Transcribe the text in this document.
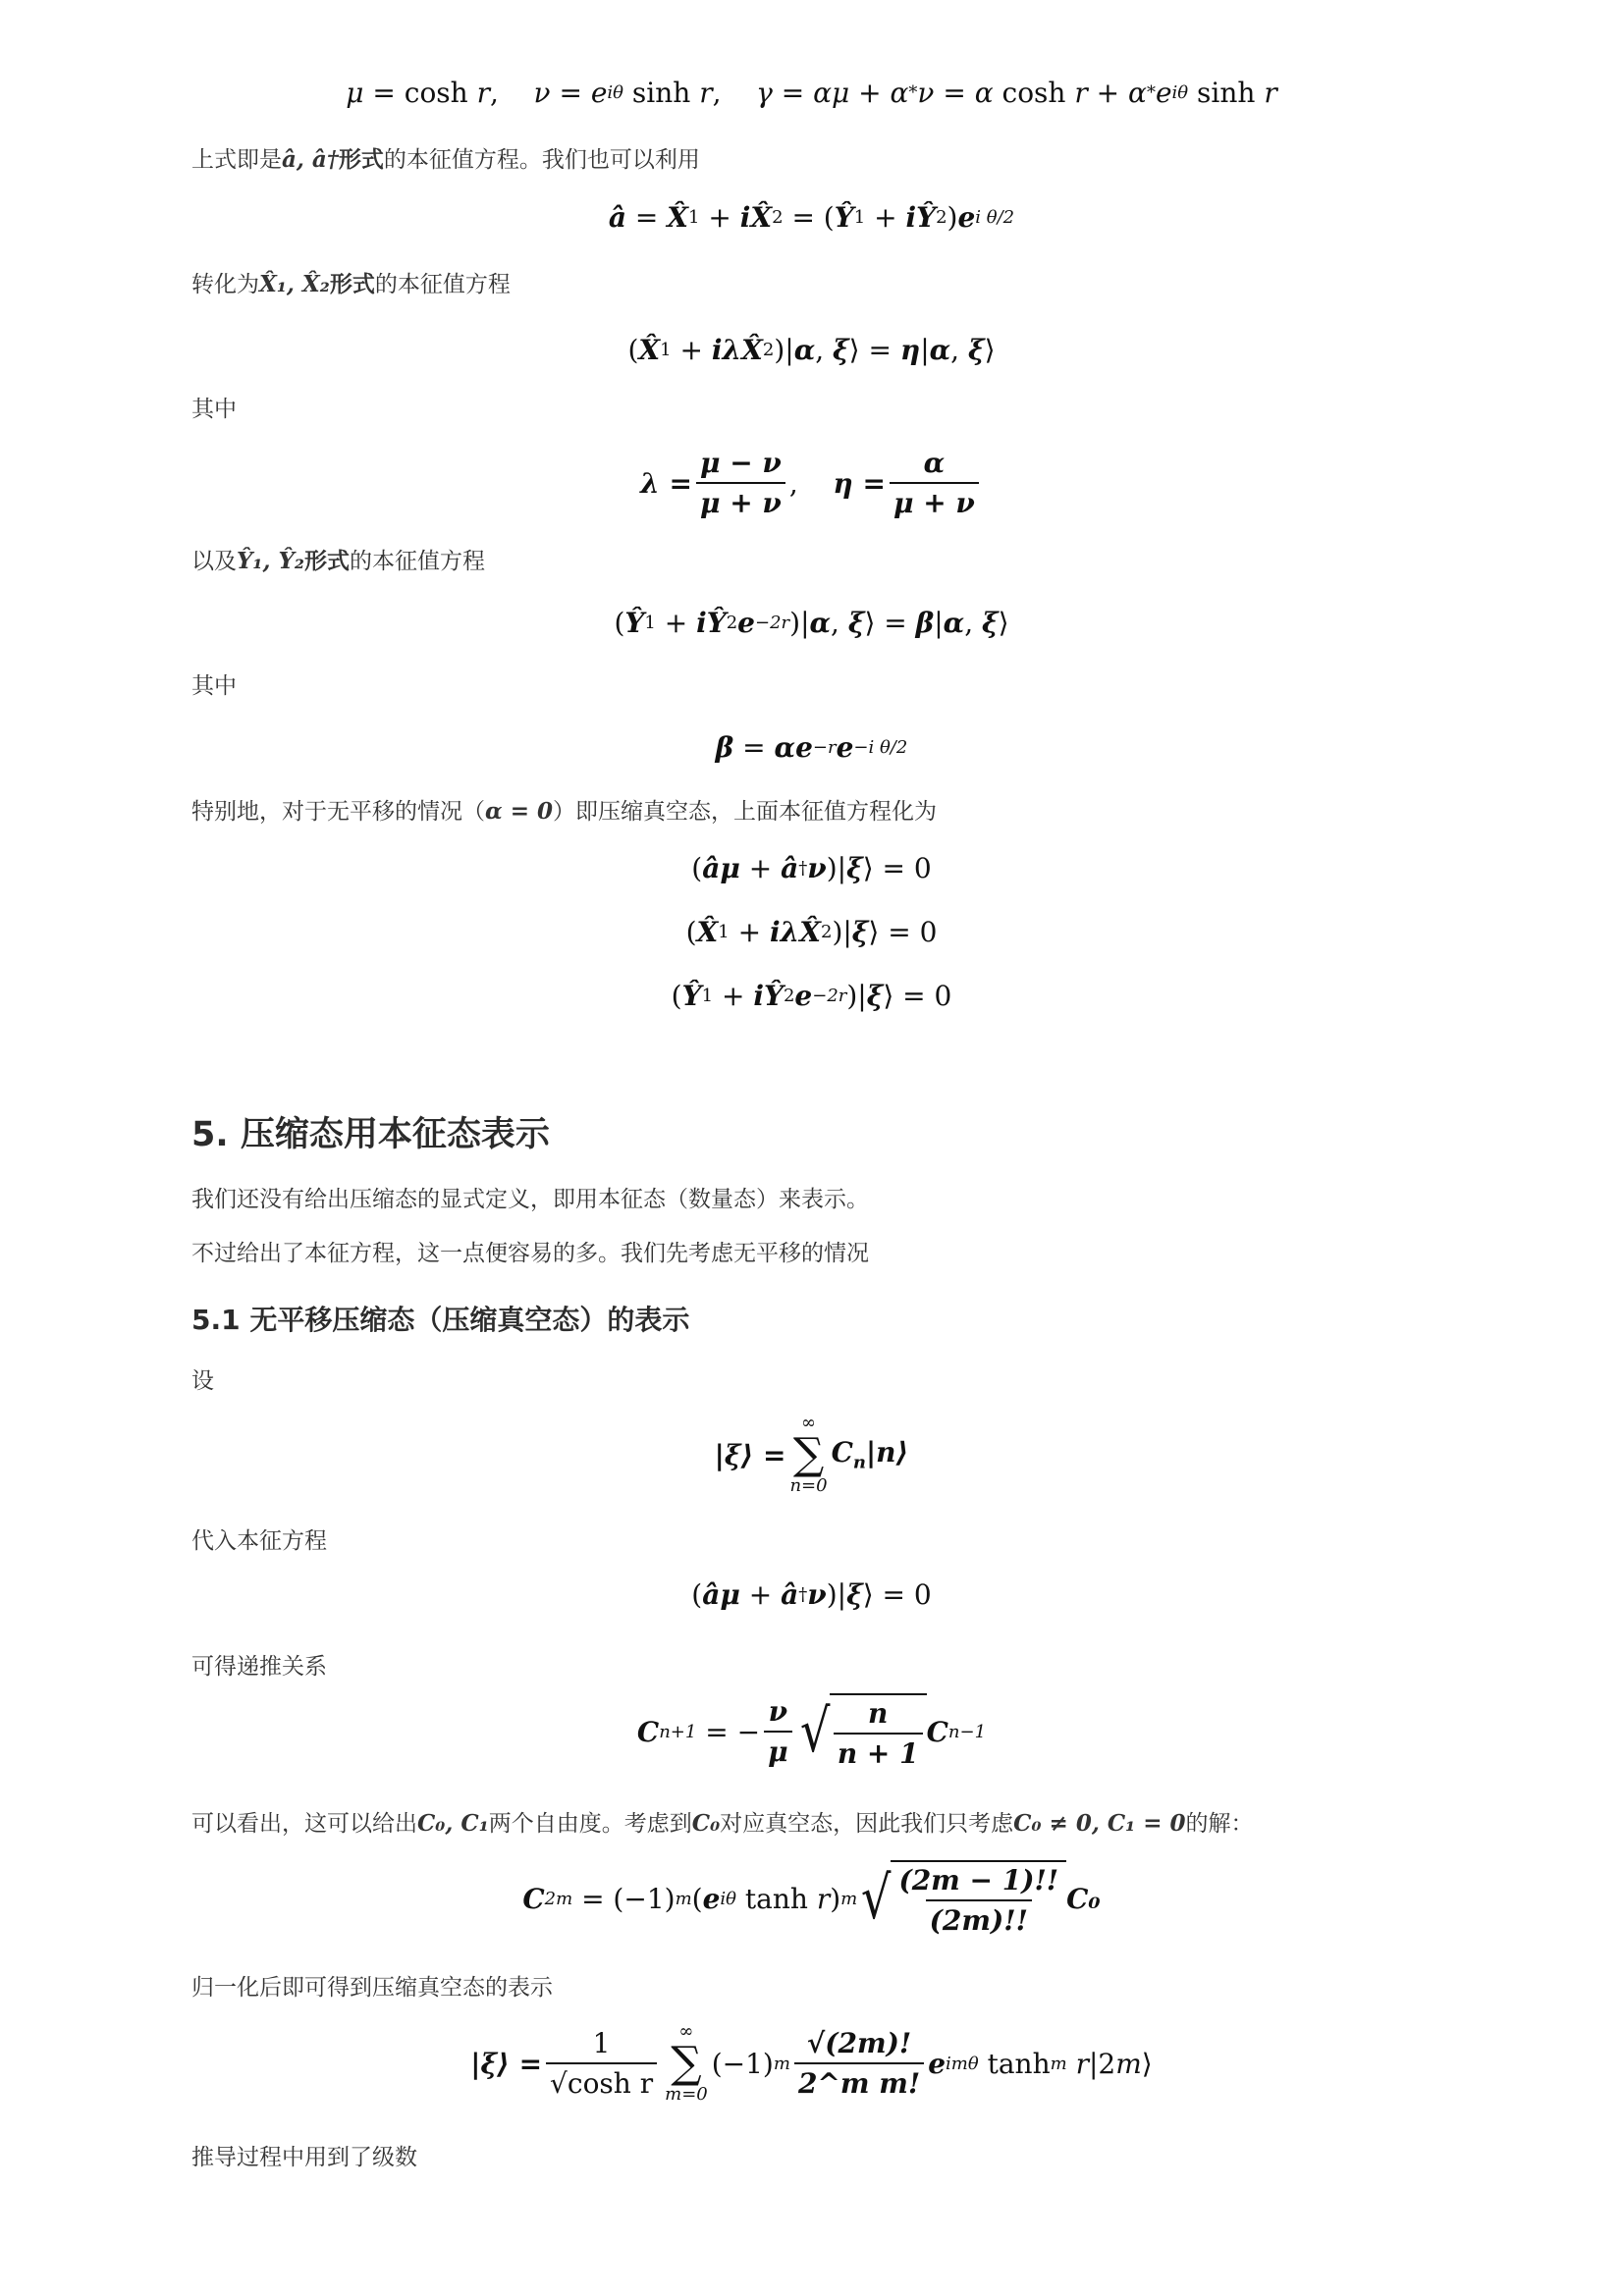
μ = cosh r , ν = e iθ sinh r , γ = αμ + α * ν = α cosh r + α * e iθ sinh r
上式即是â, â†形式的本征值方程。我们也可以利用
â = X̂ 1 + iX̂ 2 = ( Ŷ 1 + iŶ 2 ) e i θ/2
转化为X̂₁, X̂₂形式的本征值方程
( X̂ 1 + iλX̂ 2 )| α , ξ ⟩ = η | α , ξ ⟩
其中
$\lambda = \frac{\mu - \nu}{\mu + \nu}$ , $\eta = \frac{\alpha}{\mu + \nu}$
以及Ŷ₁, Ŷ₂形式的本征值方程
( Ŷ 1 + iŶ 2 e −2r )| α , ξ ⟩ = β | α , ξ ⟩
其中
β = αe −r e −i θ/2
特别地，对于无平移的情况（α = 0）即压缩真空态，上面本征值方程化为
( âμ + â † ν )| ξ ⟩ = 0
( X̂ 1 + iλX̂ 2 )| ξ ⟩ = 0
( Ŷ 1 + iŶ 2 e −2r )| ξ ⟩ = 0
5. 压缩态用本征态表示
我们还没有给出压缩态的显式定义，即用本征态（数量态）来表示。
不过给出了本征方程，这一点便容易的多。我们先考虑无平移的情况
5.1 无平移压缩态（压缩真空态）的表示
设
|ξ⟩ =
∞
∑
n=0
$C_n|n⟩$
代入本征方程
( âμ + â † ν )| ξ ⟩ = 0
可得递推关系
C n+1
= − $\frac{\nu}{\mu}$ √ $\frac{n}{n + 1}$ C n−1
可以看出，这可以给出C₀, C₁两个自由度。考虑到C₀对应真空态，因此我们只考虑C₀ ≠ 0, C₁ = 0的解：
C 2m = (−1) m ( e iθ tanh r ) m √ $\frac{(2m - 1)!!}{(2m)!!} C_0$
归一化后即可得到压缩真空态的表示
|ξ⟩ = $\frac{1}{\text{√cosh r}}$ ∞
∑
m=0
(−1) m $\frac{√(2m)!}{\text{2\textasciicircum{}m m!}}$ e imθ tanh m
r |2 m ⟩
推导过程中用到了级数
